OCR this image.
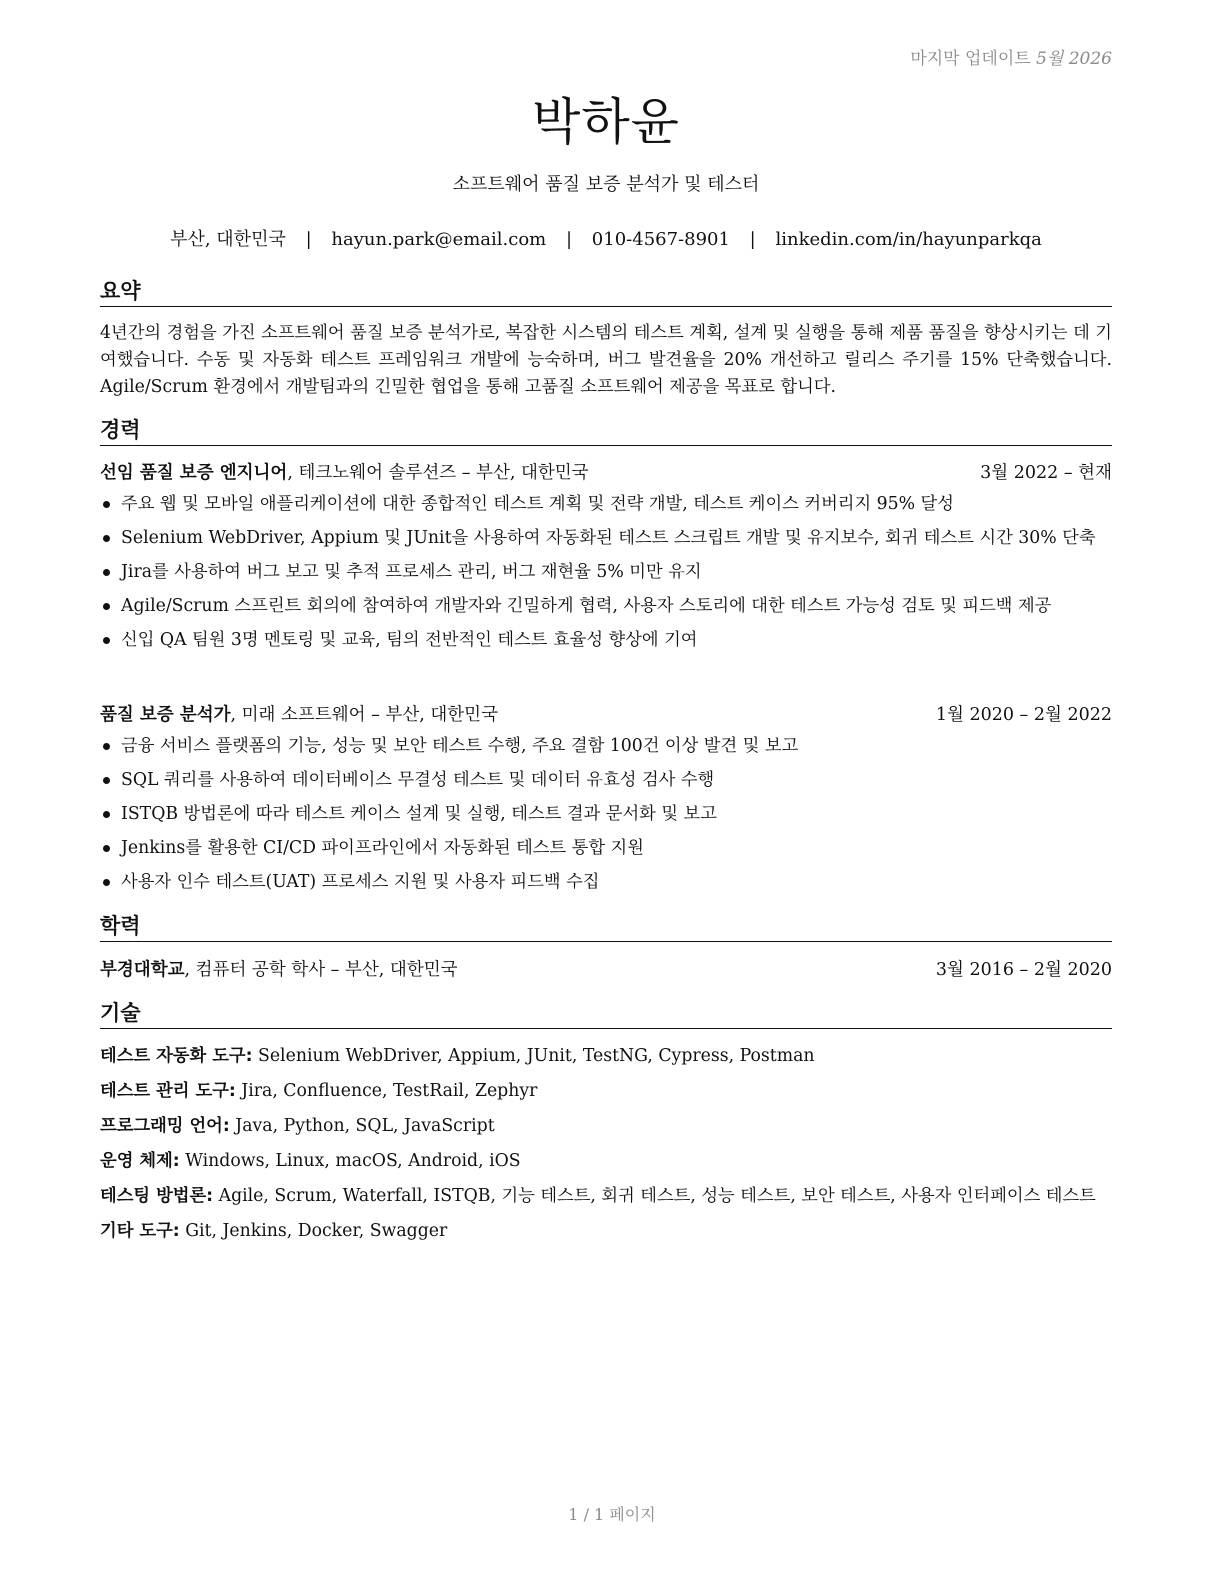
마지막 업데이트 5월 2026
박하윤
소프트웨어 품질 보증 분석가 및 테스터
부산, 대한민국 | hayun.park@email.com | 010-4567-8901 | linkedin.com/in/hayunparkqa
요약
4년간의 경험을 가진 소프트웨어 품질 보증 분석가로, 복잡한 시스템의 테스트 계획, 설계 및 실행을 통해 제품 품질을 향상시키는 데 기여했습니다. 수동 및 자동화 테스트 프레임워크 개발에 능숙하며, 버그 발견율을 20% 개선하고 릴리스 주기를 15% 단축했습니다. Agile/Scrum 환경에서 개발팀과의 긴밀한 협업을 통해 고품질 소프트웨어 제공을 목표로 합니다.
경력
선임 품질 보증 엔지니어, 테크노웨어 솔루션즈 – 부산, 대한민국	3월 2022 – 현재
주요 웹 및 모바일 애플리케이션에 대한 종합적인 테스트 계획 및 전략 개발, 테스트 케이스 커버리지 95% 달성
Selenium WebDriver, Appium 및 JUnit을 사용하여 자동화된 테스트 스크립트 개발 및 유지보수, 회귀 테스트 시간 30% 단축
Jira를 사용하여 버그 보고 및 추적 프로세스 관리, 버그 재현율 5% 미만 유지
Agile/Scrum 스프린트 회의에 참여하여 개발자와 긴밀하게 협력, 사용자 스토리에 대한 테스트 가능성 검토 및 피드백 제공
신입 QA 팀원 3명 멘토링 및 교육, 팀의 전반적인 테스트 효율성 향상에 기여
품질 보증 분석가, 미래 소프트웨어 – 부산, 대한민국	1월 2020 – 2월 2022
금융 서비스 플랫폼의 기능, 성능 및 보안 테스트 수행, 주요 결함 100건 이상 발견 및 보고
SQL 쿼리를 사용하여 데이터베이스 무결성 테스트 및 데이터 유효성 검사 수행
ISTQB 방법론에 따라 테스트 케이스 설계 및 실행, 테스트 결과 문서화 및 보고
Jenkins를 활용한 CI/CD 파이프라인에서 자동화된 테스트 통합 지원
사용자 인수 테스트(UAT) 프로세스 지원 및 사용자 피드백 수집
학력
부경대학교, 컴퓨터 공학 학사 – 부산, 대한민국	3월 2016 – 2월 2020
기술
테스트 자동화 도구: Selenium WebDriver, Appium, JUnit, TestNG, Cypress, Postman
테스트 관리 도구: Jira, Confluence, TestRail, Zephyr
프로그래밍 언어: Java, Python, SQL, JavaScript
운영 체제: Windows, Linux, macOS, Android, iOS
테스팅 방법론: Agile, Scrum, Waterfall, ISTQB, 기능 테스트, 회귀 테스트, 성능 테스트, 보안 테스트, 사용자 인터페이스 테스트
기타 도구: Git, Jenkins, Docker, Swagger
1 / 1 페이지
